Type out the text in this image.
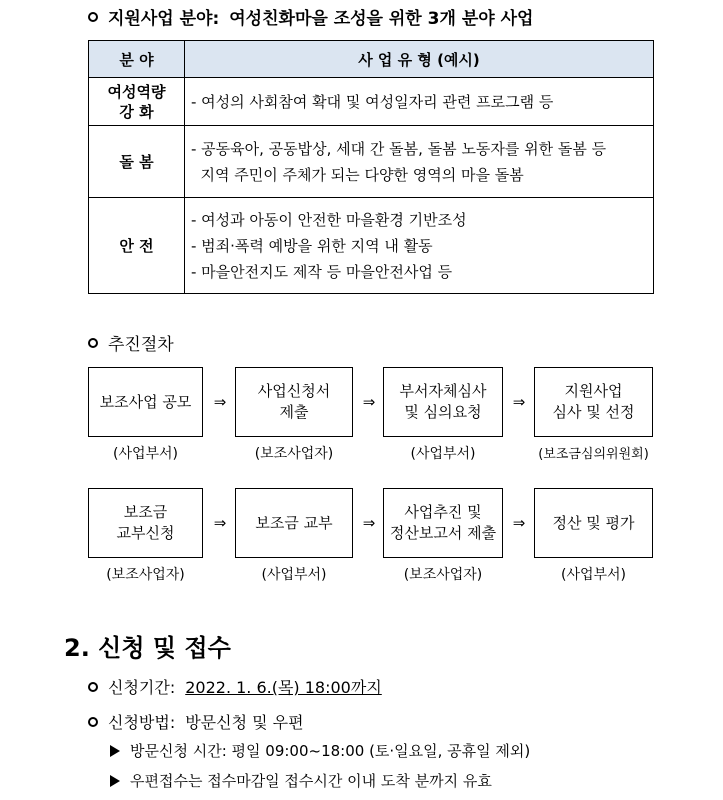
지원사업 분야: 여성친화마을 조성을 위한 3개 분야 사업
분 야	사 업 유 형 (예시)

여성역량
강 화	- 여성의 사회참여 확대 및 여성일자리 관련 프로그램 등

돌 봄	- 공동육아, 공동밥상, 세대 간 돌봄, 돌봄 노동자를 위한 돌봄 등
지역 주민이 주체가 되는 다양한 영역의 마을 돌봄

안 전	- 여성과 아동이 안전한 마을환경 기반조성
- 범죄·폭력 예방을 위한 지역 내 활동
- 마을안전지도 제작 등 마을안전사업 등
추진절차
보조사업 공모 ⇒
사업신청서
제출
⇒
부서자체심사
및 심의요청
⇒
지원사업
심사 및 선정
(사업부서)	(보조사업자)	(사업부서)	(보조금심의위원회)
보조금
교부신청
⇒ 보조금 교부 ⇒
사업추진 및
정산보고서 제출
⇒ 정산 및 평가
(보조사업자)	(사업부서)	(보조사업자)	(사업부서)
2. 신청 및 접수
신청기간: 2022. 1. 6.(목) 18:00까지
신청방법: 방문신청 및 우편
방문신청 시간: 평일 09:00~18:00 (토·일요일, 공휴일 제외)
우편접수는 접수마감일 접수시간 이내 도착 분까지 유효
